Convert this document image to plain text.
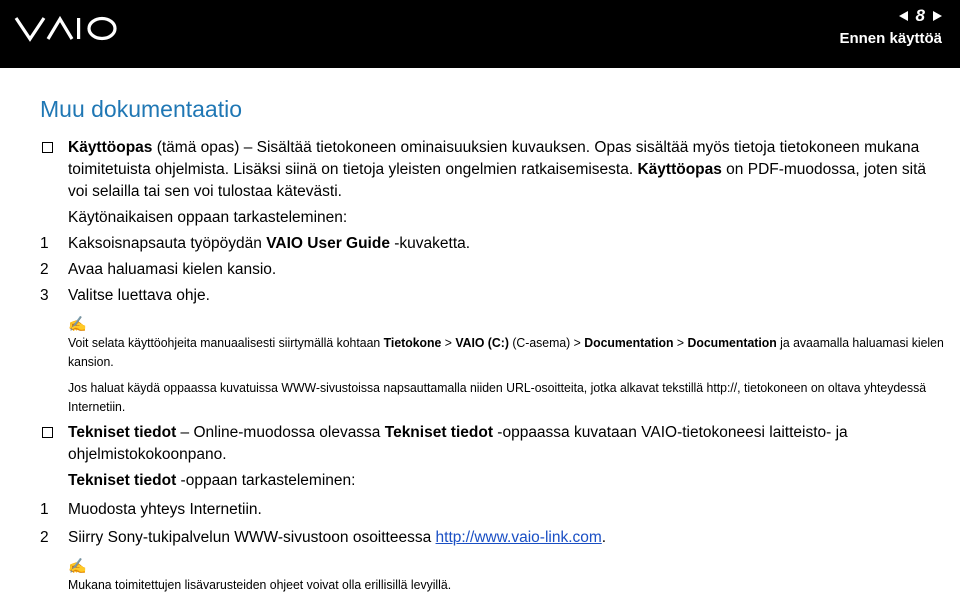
8
Ennen käyttöä
Muu dokumentaatio
Käyttöopas (tämä opas) – Sisältää tietokoneen ominaisuuksien kuvauksen. Opas sisältää myös tietoja tietokoneen mukana toimitetuista ohjelmista. Lisäksi siinä on tietoja yleisten ongelmien ratkaisemisesta. Käyttöopas on PDF-muodossa, joten sitä voi selailla tai sen voi tulostaa kätevästi.
Käytönaikaisen oppaan tarkasteleminen:
1 Kaksoisnapsauta työpöydän VAIO User Guide -kuvaketta.
2 Avaa haluamasi kielen kansio.
3 Valitse luettava ohje.
✍
Voit selata käyttöohjeita manuaalisesti siirtymällä kohtaan Tietokone > VAIO (C:) (C-asema) > Documentation > Documentation ja avaamalla haluamasi kielen kansion.
Jos haluat käydä oppaassa kuvatuissa WWW-sivustoissa napsauttamalla niiden URL-osoitteita, jotka alkavat tekstillä http://, tietokoneen on oltava yhteydessä Internetiin.
Tekniset tiedot – Online-muodossa olevassa Tekniset tiedot -oppaassa kuvataan VAIO-tietokoneesi laitteisto- ja ohjelmistokokoonpano.
Tekniset tiedot -oppaan tarkasteleminen:
1 Muodosta yhteys Internetiin.
2 Siirry Sony-tukipalvelun WWW-sivustoon osoitteessa http://www.vaio-link.com.
✍
Mukana toimitettujen lisävarusteiden ohjeet voivat olla erillisillä levyillä.
